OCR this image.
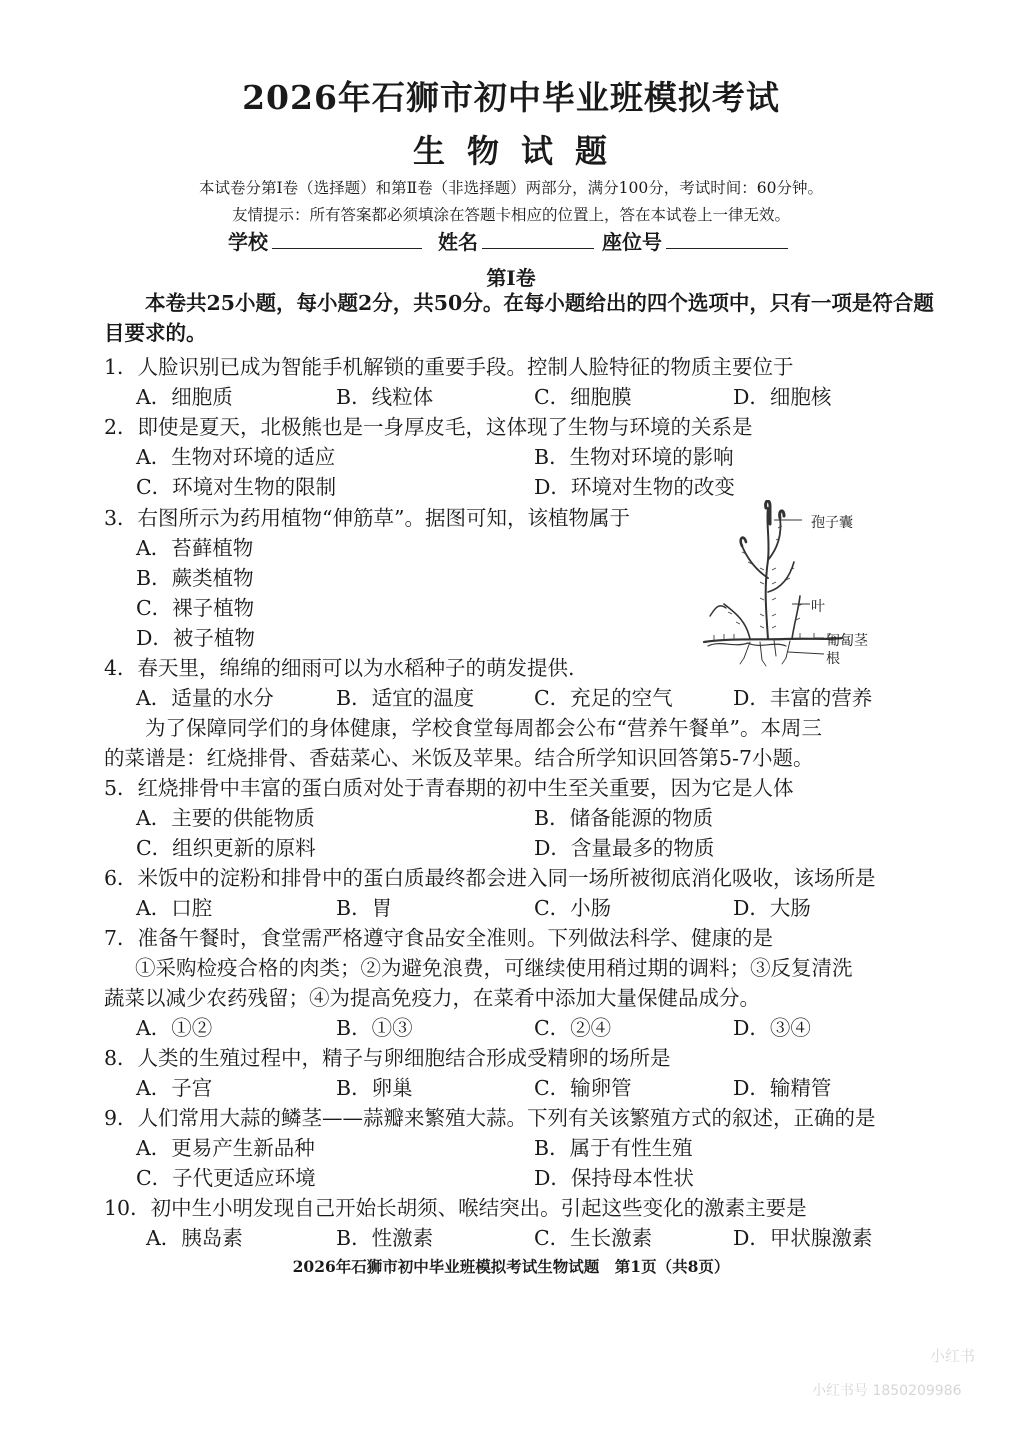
2026年石狮市初中毕业班模拟考试
生物试题
本试卷分第Ⅰ卷（选择题）和第Ⅱ卷（非选择题）两部分，满分100分，考试时间：60分钟。
友情提示：所有答案都必须填涂在答题卡相应的位置上，答在本试卷上一律无效。
学校	姓名	座位号
第Ⅰ卷
本卷共25小题，每小题2分，共50分。在每小题给出的四个选项中，只有一项是符合题目要求的。
1．人脸识别已成为智能手机解锁的重要手段。控制人脸特征的物质主要位于
A．细胞质	B．线粒体	C．细胞膜	D．细胞核
2．即使是夏天，北极熊也是一身厚皮毛，这体现了生物与环境的关系是
A．生物对环境的适应	B．生物对环境的影响
C．环境对生物的限制	D．环境对生物的改变
3．右图所示为药用植物“伸筋草”。据图可知，该植物属于
A．苔藓植物
B．蕨类植物
C．裸子植物
D．被子植物
孢子囊
叶
匍匐茎
根
4．春天里，绵绵的细雨可以为水稻种子的萌发提供.
A．适量的水分	B．适宜的温度	C．充足的空气	D．丰富的营养
为了保障同学们的身体健康，学校食堂每周都会公布“营养午餐单”。本周三
的菜谱是：红烧排骨、香菇菜心、米饭及苹果。结合所学知识回答第5-7小题。
5．红烧排骨中丰富的蛋白质对处于青春期的初中生至关重要，因为它是人体
A．主要的供能物质	B．储备能源的物质
C．组织更新的原料	D．含量最多的物质
6．米饭中的淀粉和排骨中的蛋白质最终都会进入同一场所被彻底消化吸收，该场所是
A．口腔	B．胃	C．小肠	D．大肠
7．准备午餐时，食堂需严格遵守食品安全准则。下列做法科学、健康的是
①采购检疫合格的肉类；②为避免浪费，可继续使用稍过期的调料；③反复清洗
蔬菜以减少农药残留；④为提高免疫力，在菜肴中添加大量保健品成分。
A．①②	B．①③	C．②④	D．③④
8．人类的生殖过程中，精子与卵细胞结合形成受精卵的场所是
A．子宫	B．卵巢	C．输卵管	D．输精管
9．人们常用大蒜的鳞茎——蒜瓣来繁殖大蒜。下列有关该繁殖方式的叙述，正确的是
A．更易产生新品种	B．属于有性生殖
C．子代更适应环境	D．保持母本性状
10．初中生小明发现自己开始长胡须、喉结突出。引起这些变化的激素主要是
A．胰岛素	B．性激素	C．生长激素	D．甲状腺激素
2026年石狮市初中毕业班模拟考试生物试题　第1页（共8页）
小红书
小红书号 1850209986
